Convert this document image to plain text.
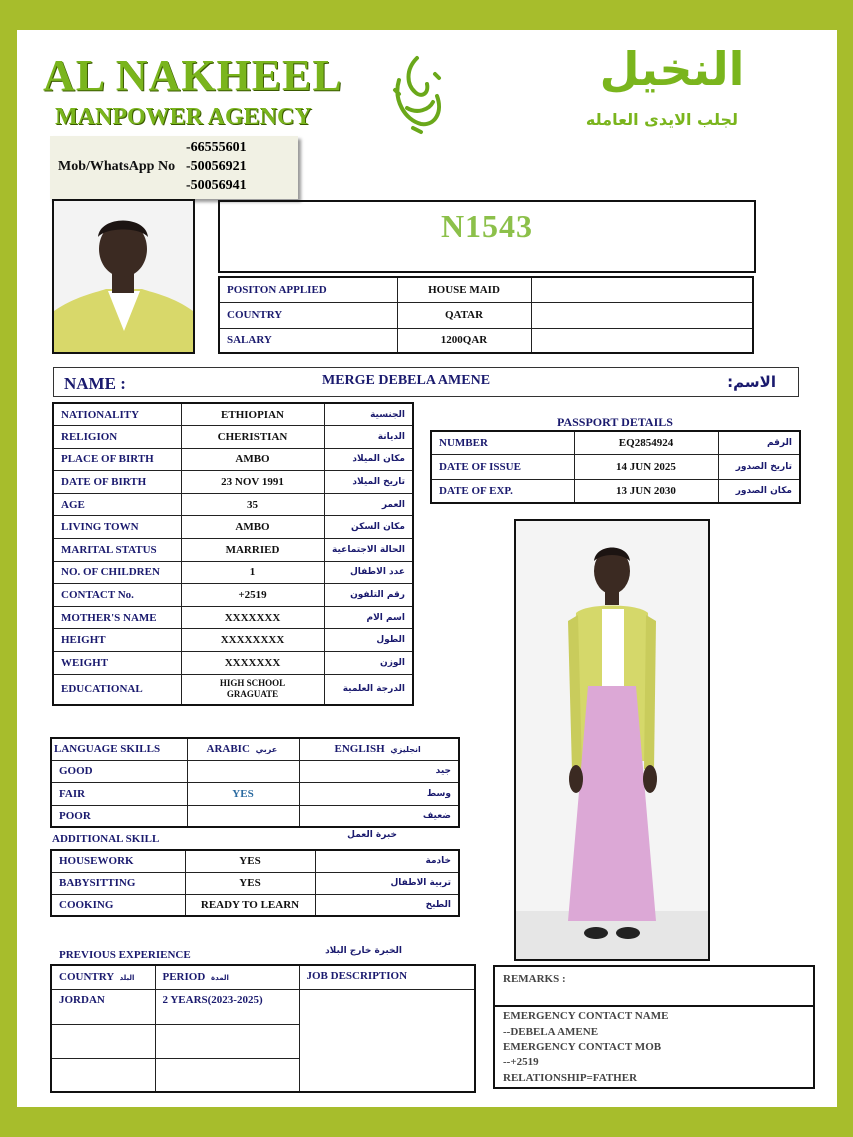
AL NAKHEEL
MANPOWER AGENCY
النخيل
لجلب الايدى العامله
Mob/WhatsApp No
-66555601
-50056921
-50056941
N1543
POSITON APPLIED	HOUSE MAID	
COUNTRY	QATAR	
SALARY	1200QAR	
NAME :	MERGE DEBELA AMENE	الاسم:
NATIONALITY	ETHIOPIAN	الجنسية
RELIGION	CHERISTIAN	الديانة
PLACE OF BIRTH	AMBO	مكان الميلاد
DATE OF BIRTH	23 NOV 1991	تاريخ الميلاد
AGE	35	العمر
LIVING TOWN	AMBO	مكان السكن
MARITAL STATUS	MARRIED	الحالة الاجتماعية
NO. OF CHILDREN	1	عدد الاطفال
CONTACT No.	+2519	رقم التلفون
MOTHER'S NAME	XXXXXXX	اسم الام
HEIGHT	XXXXXXXX	الطول
WEIGHT	XXXXXXX	الوزن
EDUCATIONAL	HIGH SCHOOL GRAGUATE	الدرجة العلمية
PASSPORT DETAILS
NUMBER	EQ2854924	الرقم
DATE OF ISSUE	14 JUN 2025	تاريخ الصدور
DATE OF EXP.	13 JUN 2030	مكان الصدور
LANGUAGE SKILLS	ARABIC عربي	ENGLISH انجليزي
GOOD		جيد
FAIR	YES	وسط
POOR		ضعيف
ADDITIONAL SKILL	خبرة العمل
HOUSEWORK	YES	خادمة
BABYSITTING	YES	تربية الاطفال
COOKING	READY TO LEARN	الطبخ
PREVIOUS EXPERIENCE	الخبرة خارج البلاد
COUNTRY البلد	PERIOD المدة	JOB DESCRIPTION
JORDAN	2 YEARS(2023-2025)	

REMARKS :
EMERGENCY CONTACT NAME
--DEBELA AMENE
EMERGENCY CONTACT MOB
--+2519
RELATIONSHIP=FATHER
